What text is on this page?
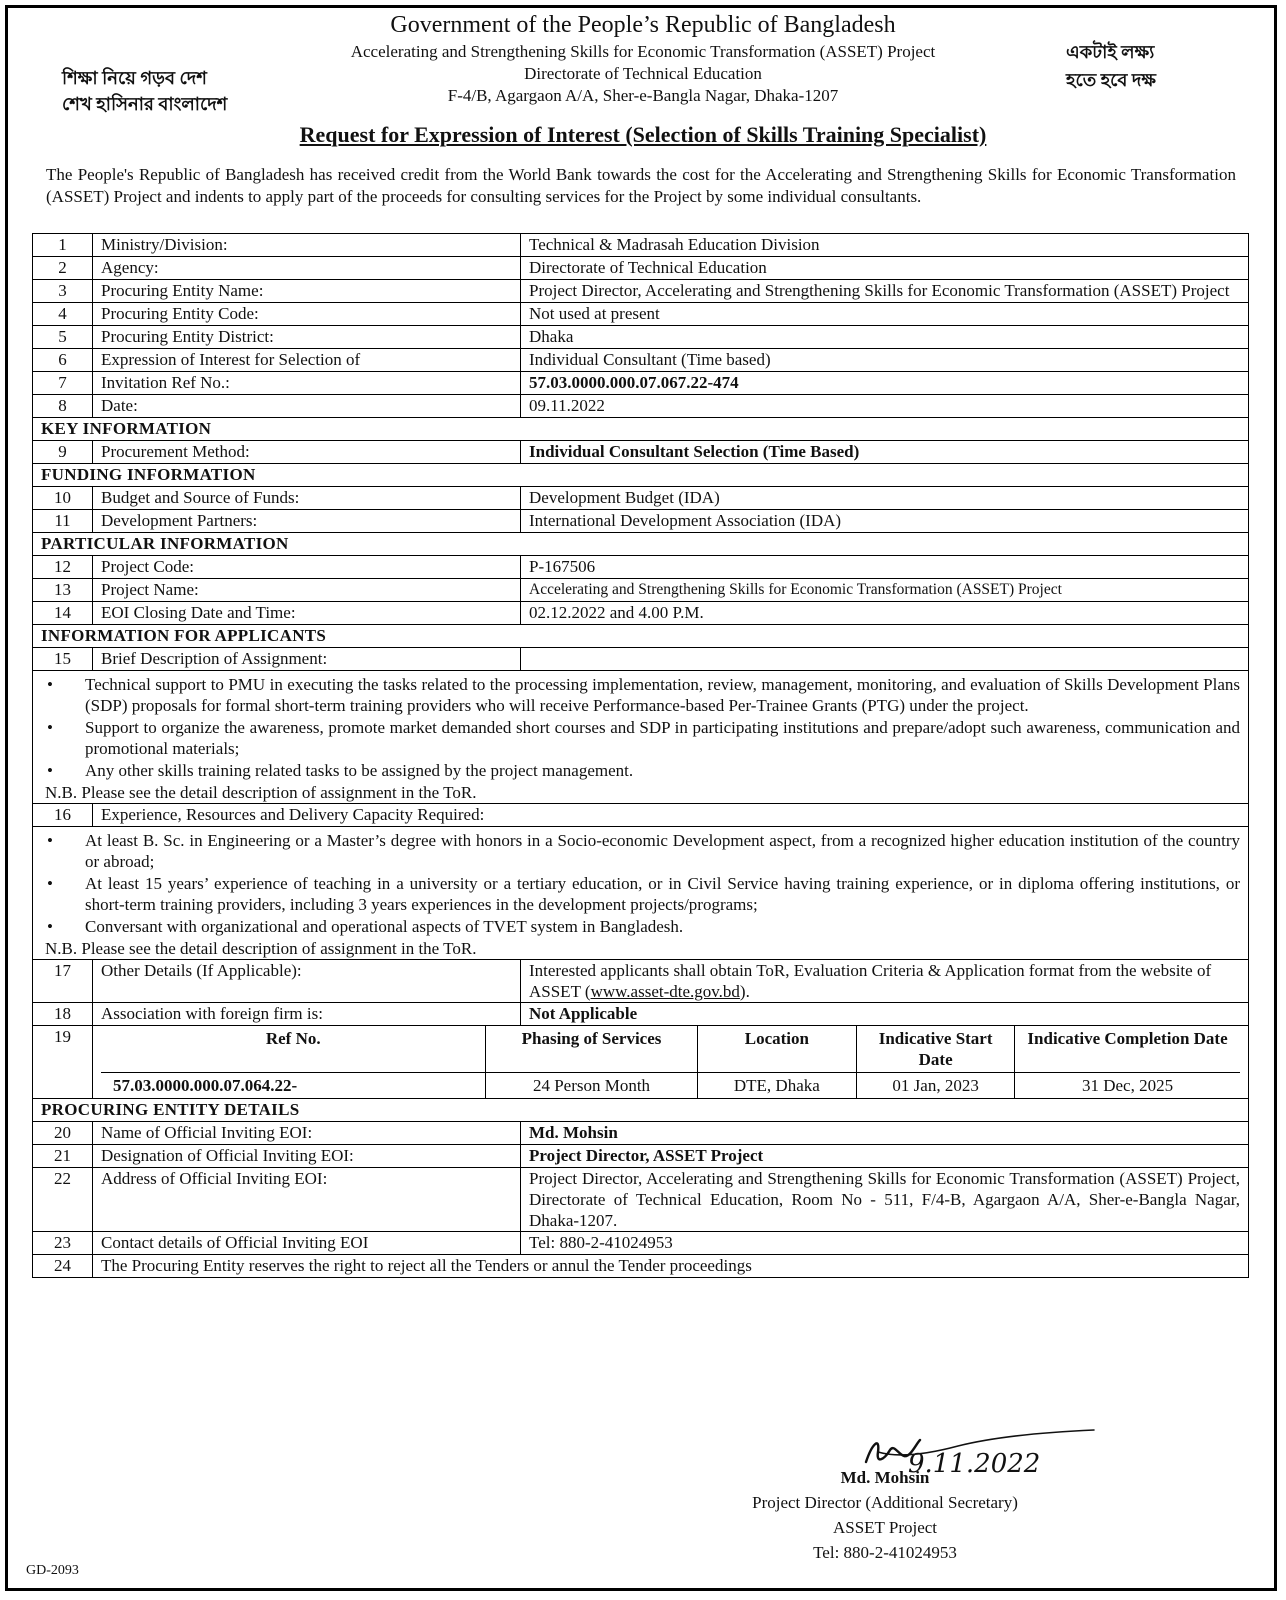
Government of the People’s Republic of Bangladesh
Accelerating and Strengthening Skills for Economic Transformation (ASSET) Project
Directorate of Technical Education
F-4/B, Agargaon A/A, Sher-e-Bangla Nagar, Dhaka-1207
শিক্ষা নিয়ে গড়ব দেশ
শেখ হাসিনার বাংলাদেশ
একটাই লক্ষ্য
হতে হবে দক্ষ
Request for Expression of Interest (Selection of Skills Training Specialist)
The People's Republic of Bangladesh has received credit from the World Bank towards the cost for the Accelerating and Strengthening Skills for Economic Transformation (ASSET) Project and indents to apply part of the proceeds for consulting services for the Project by some individual consultants.
1	Ministry/Division:	Technical & Madrasah Education Division
2	Agency:	Directorate of Technical Education
3	Procuring Entity Name:	Project Director, Accelerating and Strengthening Skills for Economic Transformation (ASSET) Project
4	Procuring Entity Code:	Not used at present
5	Procuring Entity District:	Dhaka
6	Expression of Interest for Selection of	Individual Consultant (Time based)
7	Invitation Ref No.:	57.03.0000.000.07.067.22-474
8	Date:	09.11.2022
KEY INFORMATION
9	Procurement Method:	Individual Consultant Selection (Time Based)
FUNDING INFORMATION
10	Budget and Source of Funds:	Development Budget (IDA)
11	Development Partners:	International Development Association (IDA)
PARTICULAR INFORMATION
12	Project Code:	P-167506
13	Project Name:	Accelerating and Strengthening Skills for Economic Transformation (ASSET) Project
14	EOI Closing Date and Time:	02.12.2022 and 4.00 P.M.
INFORMATION FOR APPLICANTS
15	Brief Description of Assignment:	

• Technical support to PMU in executing the tasks related to the processing implementation, review, management, monitoring, and evaluation of Skills Development Plans (SDP) proposals for formal short-term training providers who will receive Performance-based Per-Trainee Grants (PTG) under the project.
• Support to organize the awareness, promote market demanded short courses and SDP in participating institutions and prepare/adopt such awareness, communication and promotional materials;
• Any other skills training related tasks to be assigned by the project management.
N.B. Please see the detail description of assignment in the ToR.

16	Experience, Resources and Delivery Capacity Required:

• At least B. Sc. in Engineering or a Master’s degree with honors in a Socio-economic Development aspect, from a recognized higher education institution of the country or abroad;
• At least 15 years’ experience of teaching in a university or a tertiary education, or in Civil Service having training experience, or in diploma offering institutions, or short-term training providers, including 3 years experiences in the development projects/programs;
• Conversant with organizational and operational aspects of TVET system in Bangladesh.
N.B. Please see the detail description of assignment in the ToR.

17	Other Details (If Applicable):	Interested applicants shall obtain ToR, Evaluation Criteria & Application format from the website of ASSET (www.asset-dte.gov.bd).
18	Association with foreign firm is:	Not Applicable
19		Ref No.	Phasing of Services	Location	Indicative Start Date	Indicative Completion Date
57.03.0000.000.07.064.22-	24 Person Month	DTE, Dhaka	01 Jan, 2023	31 Dec, 2025

PROCURING ENTITY DETAILS
20	Name of Official Inviting EOI:	Md. Mohsin
21	Designation of Official Inviting EOI:	Project Director, ASSET Project
22	Address of Official Inviting EOI:	Project Director, Accelerating and Strengthening Skills for Economic Transformation (ASSET) Project, Directorate of Technical Education, Room No - 511, F/4-B, Agargaon A/A, Sher-e-Bangla Nagar, Dhaka-1207.
23	Contact details of Official Inviting EOI	Tel: 880-2-41024953
24	The Procuring Entity reserves the right to reject all the Tenders or annul the Tender proceedings
9.11.2022
Md. Mohsin
Project Director (Additional Secretary)
ASSET Project
Tel: 880-2-41024953
GD-2093
